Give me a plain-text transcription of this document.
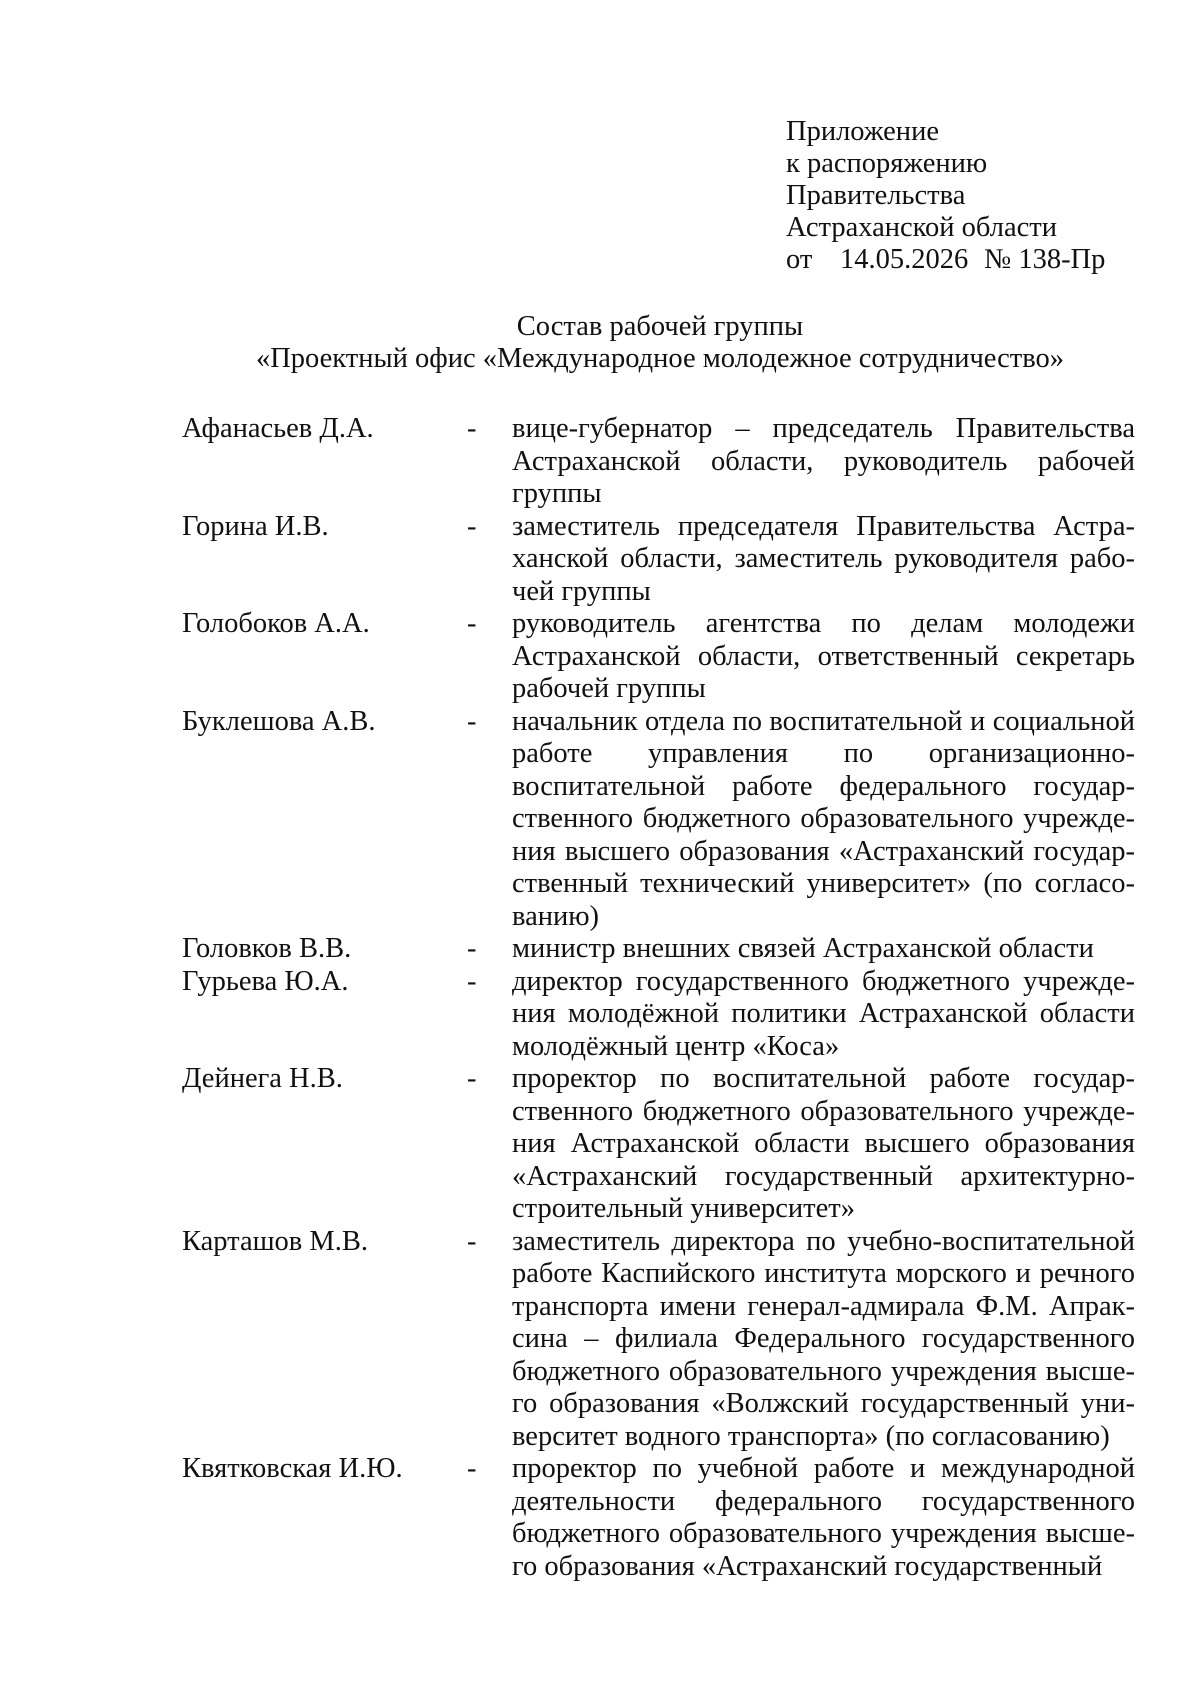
Приложение
к распоряжению
Правительства
Астраханской области
от 14.05.2026 № 138-Пр
Состав рабочей группы
«Проектный офис «Международное молодежное сотрудничество»
Афанасьев Д.А.	-	вице-губернатор – председатель Правительства Астраханской области, руководитель рабочей группы
Горина И.В.	-	заместитель председателя Правительства Астраханской области, заместитель руководителя рабочей группы
Голобоков А.А.	-	руководитель агентства по делам молодежи Астраханской области, ответственный секретарь рабочей группы
Буклешова А.В.	-	начальник отдела по воспитательной и социальной работе управления по организационно-воспитательной работе федерального государственного бюджетного образовательного учреждения высшего образования «Астраханский государственный технический университет» (по согласованию)
Головков В.В.	-	министр внешних связей Астраханской области
Гурьева Ю.А.	-	директор государственного бюджетного учреждения молодёжной политики Астраханской области молодёжный центр «Коса»
Дейнега Н.В.	-	проректор по воспитательной работе государственного бюджетного образовательного учреждения Астраханской области высшего образования «Астраханский государственный архитектурно-строительный университет»
Карташов М.В.	-	заместитель директора по учебно-воспитательной работе Каспийского института морского и речного транспорта имени генерал-адмирала Ф.М. Апраксина – филиала Федерального государственного бюджетного образовательного учреждения высшего образования «Волжский государственный университет водного транспорта» (по согласованию)
Квятковская И.Ю.	-	проректор по учебной работе и международной деятельности федерального государственного бюджетного образовательного учреждения высшего образования «Астраханский государственный
